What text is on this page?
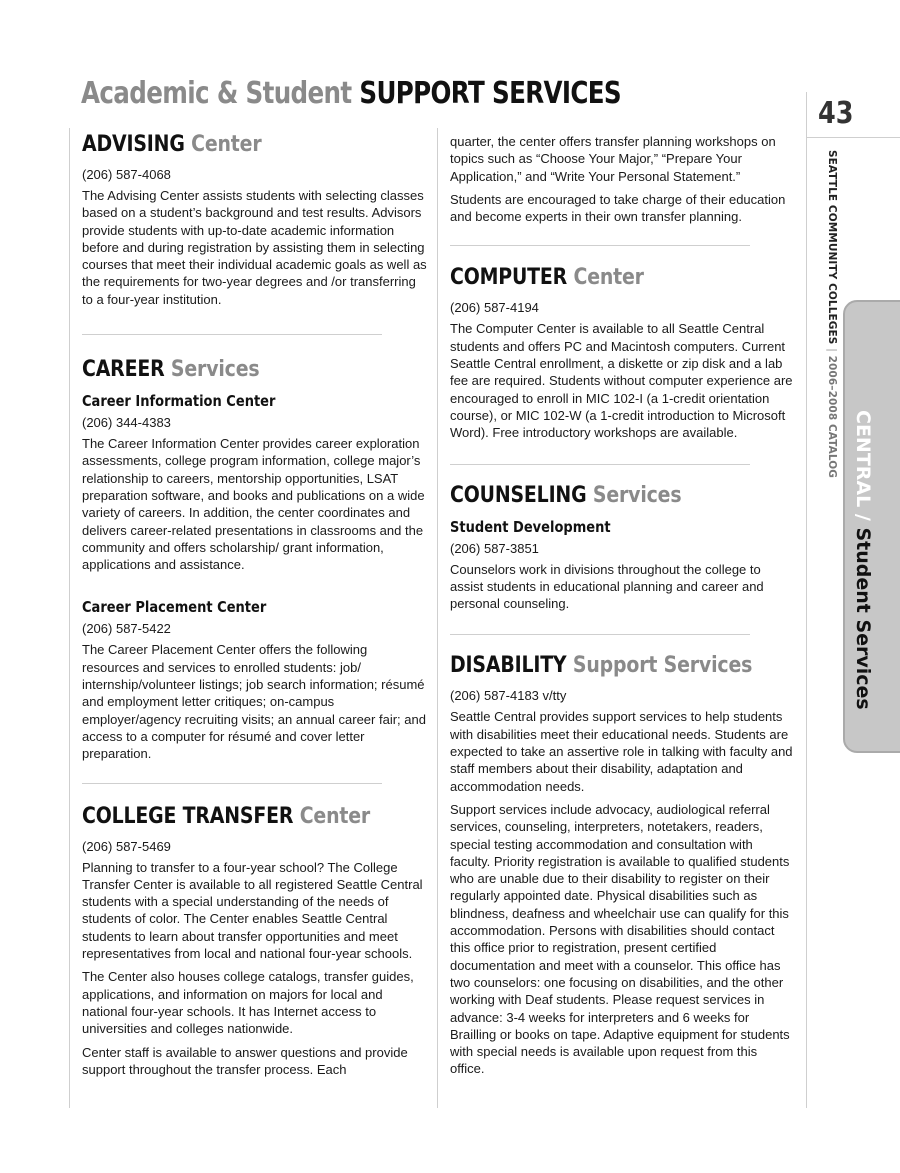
Academic & Student SUPPORT SERVICES
43
SEATTLE COMMUNITY COLLEGES | 2006–2008 CATALOG CENTRAL / Student Services
ADVISING Center
(206) 587-4068

The Advising Center assists students with selecting classes based on a student’s background and test results. Advisors provide students with up-to-date academic information before and during registration by assisting them in selecting courses that meet their individual academic goals as well as the requirements for two-year degrees and /or transferring to a four-year institution.

CAREER Services
Career Information Center
(206) 344-4383

The Career Information Center provides career exploration assessments, college program information, college major’s relationship to careers, mentorship opportunities, LSAT preparation software, and books and publications on a wide variety of careers. In addition, the center coordinates and delivers career-related presentations in classrooms and the community and offers scholarship/ grant information, applications and assistance.

Career Placement Center
(206) 587-5422

The Career Placement Center offers the following resources and services to enrolled students: job/ internship/volunteer listings; job search information; résumé and employment letter critiques; on-campus employer/agency recruiting visits; an annual career fair; and access to a computer for résumé and cover letter preparation.

COLLEGE TRANSFER Center
(206) 587-5469

Planning to transfer to a four-year school? The College Transfer Center is available to all registered Seattle Central students with a special understanding of the needs of students of color. The Center enables Seattle Central students to learn about transfer opportunities and meet representatives from local and national four-year schools.

The Center also houses college catalogs, transfer guides, applications, and information on majors for local and national four-year schools. It has Internet access to universities and colleges nationwide.

Center staff is available to answer questions and provide support throughout the transfer process. Each

quarter, the center offers transfer planning workshops on topics such as “Choose Your Major,” “Prepare Your Application,” and “Write Your Personal Statement.”

Students are encouraged to take charge of their education and become experts in their own transfer planning.

COMPUTER Center
(206) 587-4194

The Computer Center is available to all Seattle Central students and offers PC and Macintosh computers. Current Seattle Central enrollment, a diskette or zip disk and a lab fee are required. Students without computer experience are encouraged to enroll in MIC 102-I (a 1-credit orientation course), or MIC 102-W (a 1-credit introduction to Microsoft Word). Free introductory workshops are available.

COUNSELING Services
Student Development
(206) 587-3851

Counselors work in divisions throughout the college to assist students in educational planning and career and personal counseling.

DISABILITY Support Services
(206) 587-4183 v/tty

Seattle Central provides support services to help students with disabilities meet their educational needs. Students are expected to take an assertive role in talking with faculty and staff members about their disability, adaptation and accommodation needs.

Support services include advocacy, audiological referral services, counseling, interpreters, notetakers, readers, special testing accommodation and consultation with faculty. Priority registration is available to qualified students who are unable due to their disability to register on their regularly appointed date. Physical disabilities such as blindness, deafness and wheelchair use can qualify for this accommodation. Persons with disabilities should contact this office prior to registration, present certified documentation and meet with a counselor. This office has two counselors: one focusing on disabilities, and the other working with Deaf students. Please request services in advance: 3-4 weeks for interpreters and 6 weeks for Brailling or books on tape. Adaptive equipment for students with special needs is available upon request from this office.
